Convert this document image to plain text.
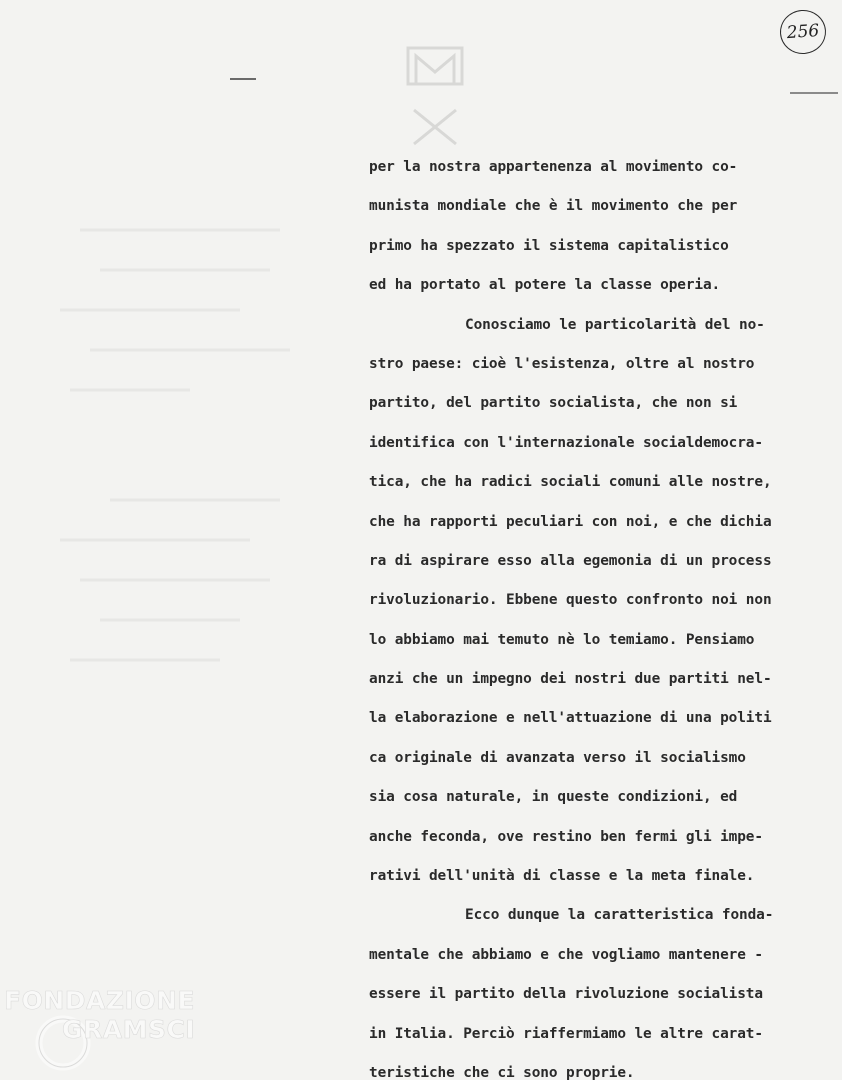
256
per la nostra appartenenza al movimento co-
munista mondiale che è il movimento che per
primo ha spezzato il sistema capitalistico
ed ha portato al potere la classe operia.
Conosciamo le particolarità del no-
stro paese: cioè l'esistenza, oltre al nostro
partito, del partito socialista, che non si
identifica con l'internazionale socialdemocra-
tica, che ha radici sociali comuni alle nostre,
che ha rapporti peculiari con noi, e che dichia
ra di aspirare esso alla egemonia di un process
rivoluzionario. Ebbene questo confronto noi non
lo abbiamo mai temuto nè lo temiamo. Pensiamo
anzi che un impegno dei nostri due partiti nel-
la elaborazione e nell'attuazione di una politi
ca originale di avanzata verso il socialismo
sia cosa naturale, in queste condizioni, ed
anche feconda, ove restino ben fermi gli impe-
rativi dell'unità di classe e la meta finale.
Ecco dunque la caratteristica fonda-
mentale che abbiamo e che vogliamo mantenere -
essere il partito della rivoluzione socialista
in Italia. Perciò riaffermiamo le altre carat-
teristiche che ci sono proprie.
FONDAZIONE
GRAMSCI
